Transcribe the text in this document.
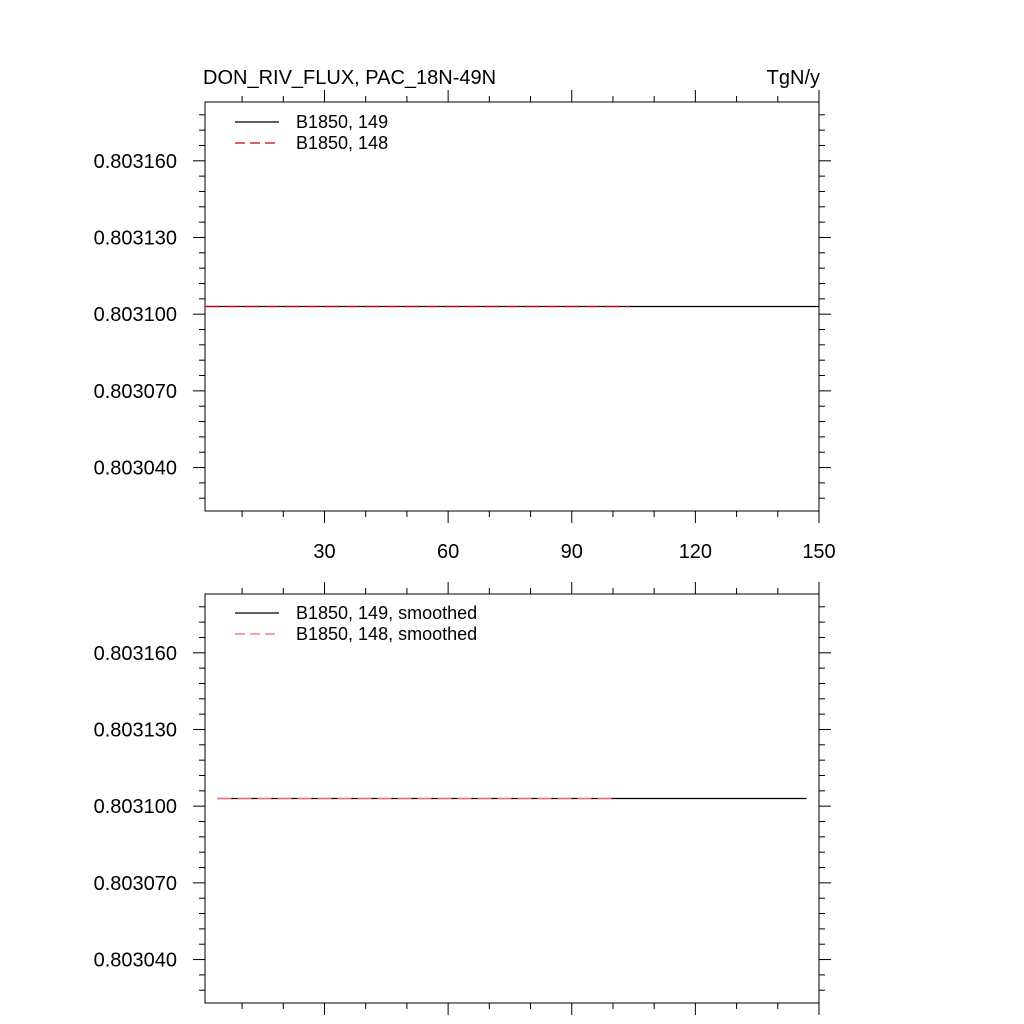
DON_RIV_FLUX, PAC_18N-49N	TgN/y
30	60	90	120	150
0.803040
0.803070
0.803100
0.803130
0.803160
B1850, 149
B1850, 148
0.803040
0.803070
0.803100
0.803130
0.803160
B1850, 149, smoothed
B1850, 148, smoothed
